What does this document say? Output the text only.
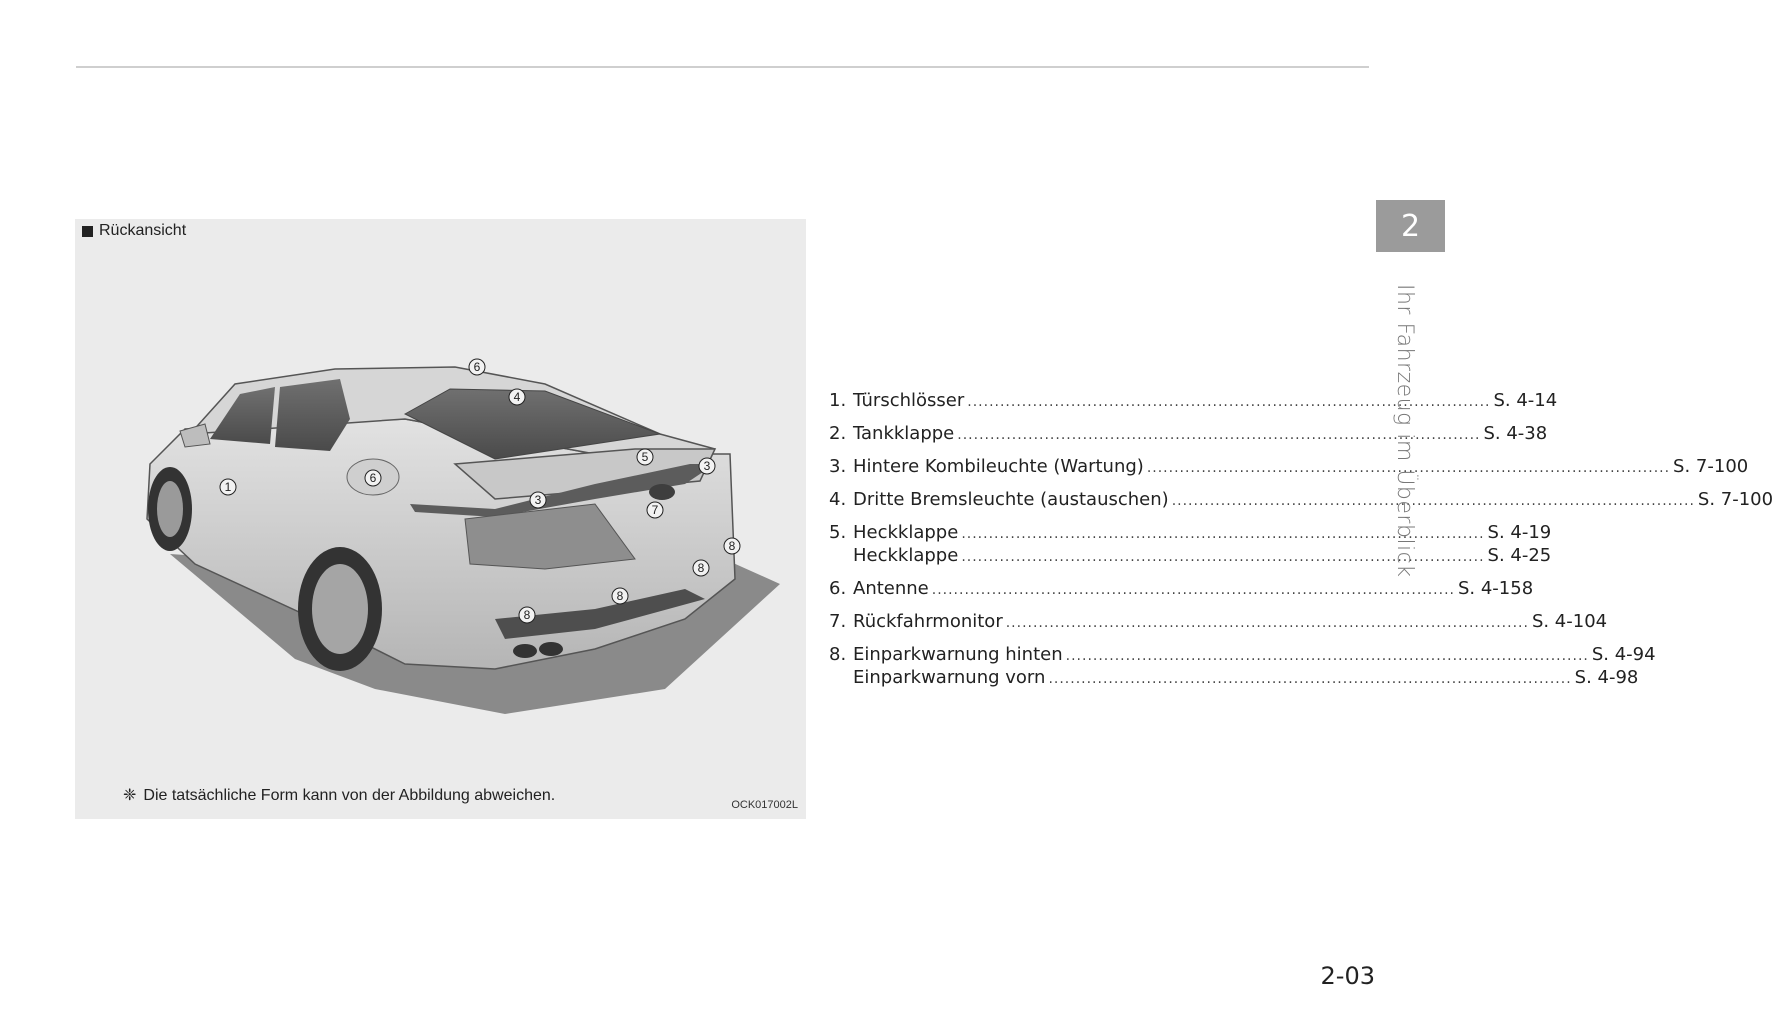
Rückansicht
1
6
3
3
4
5
6
7
8
8
8
8
❈ Die tatsächliche Form kann von der Abbildung abweichen.
OCK017002L
1. Türschlösser ................................................................................................ S. 4-14
2. Tankklappe ................................................................................................ S. 4-38
3. Hintere Kombileuchte (Wartung) ................................................................................................ S. 7-100
4. Dritte Bremsleuchte (austauschen) ................................................................................................ S. 7-100
5. Heckklappe ................................................................................................ S. 4-19
Heckklappe ................................................................................................ S. 4-25
6. Antenne ................................................................................................ S. 4-158
7. Rückfahrmonitor ................................................................................................ S. 4-104
8. Einparkwarnung hinten ................................................................................................ S. 4-94
Einparkwarnung vorn ................................................................................................ S. 4-98
2
Ihr Fahrzeug im Überblick
2-03
